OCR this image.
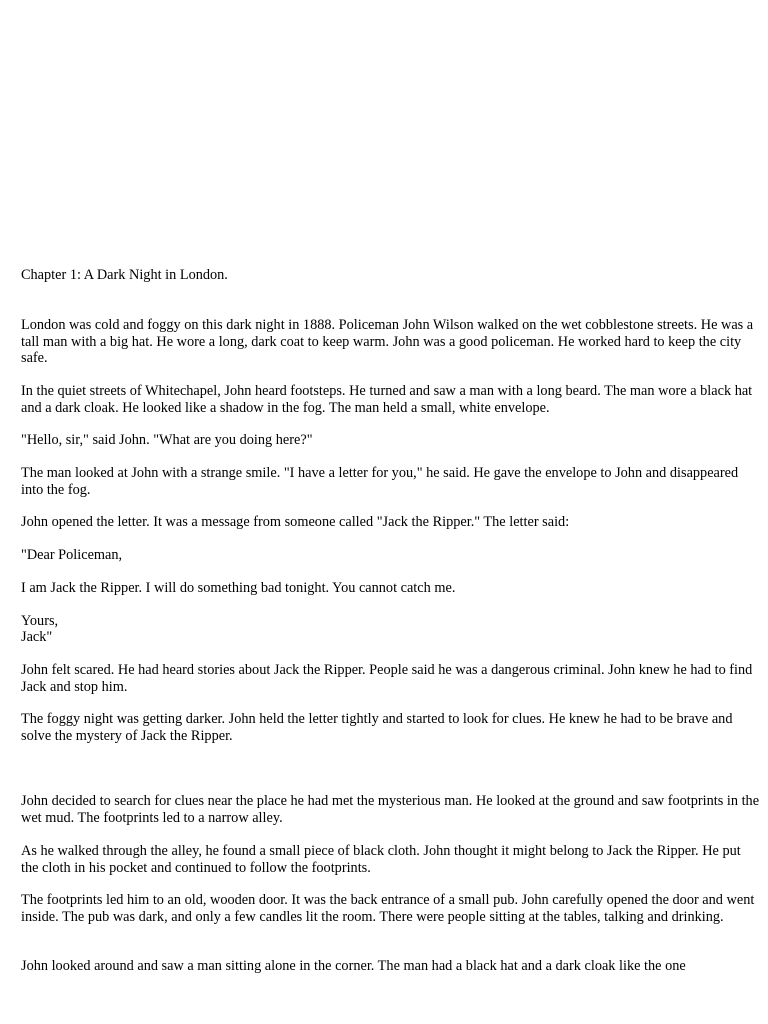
Chapter 1: A Dark Night in London.

London was cold and foggy on this dark night in 1888. Policeman John Wilson walked on the wet cobblestone streets. He was a tall man with a big hat. He wore a long, dark coat to keep warm. John was a good policeman. He worked hard to keep the city safe.

In the quiet streets of Whitechapel, John heard footsteps. He turned and saw a man with a long beard. The man wore a black hat and a dark cloak. He looked like a shadow in the fog. The man held a small, white envelope.

"Hello, sir," said John. "What are you doing here?"

The man looked at John with a strange smile. "I have a letter for you," he said. He gave the envelope to John and disappeared into the fog.

John opened the letter. It was a message from someone called "Jack the Ripper." The letter said:

"Dear Policeman,

I am Jack the Ripper. I will do something bad tonight. You cannot catch me.

Yours,

Jack"

John felt scared. He had heard stories about Jack the Ripper. People said he was a dangerous criminal. John knew he had to find Jack and stop him.

The foggy night was getting darker. John held the letter tightly and started to look for clues. He knew he had to be brave and solve the mystery of Jack the Ripper.

John decided to search for clues near the place he had met the mysterious man. He looked at the ground and saw footprints in the wet mud. The footprints led to a narrow alley.

As he walked through the alley, he found a small piece of black cloth. John thought it might belong to Jack the Ripper. He put the cloth in his pocket and continued to follow the footprints.

The footprints led him to an old, wooden door. It was the back entrance of a small pub. John carefully opened the door and went inside. The pub was dark, and only a few candles lit the room. There were people sitting at the tables, talking and drinking.

John looked around and saw a man sitting alone in the corner. The man had a black hat and a dark cloak like the one
